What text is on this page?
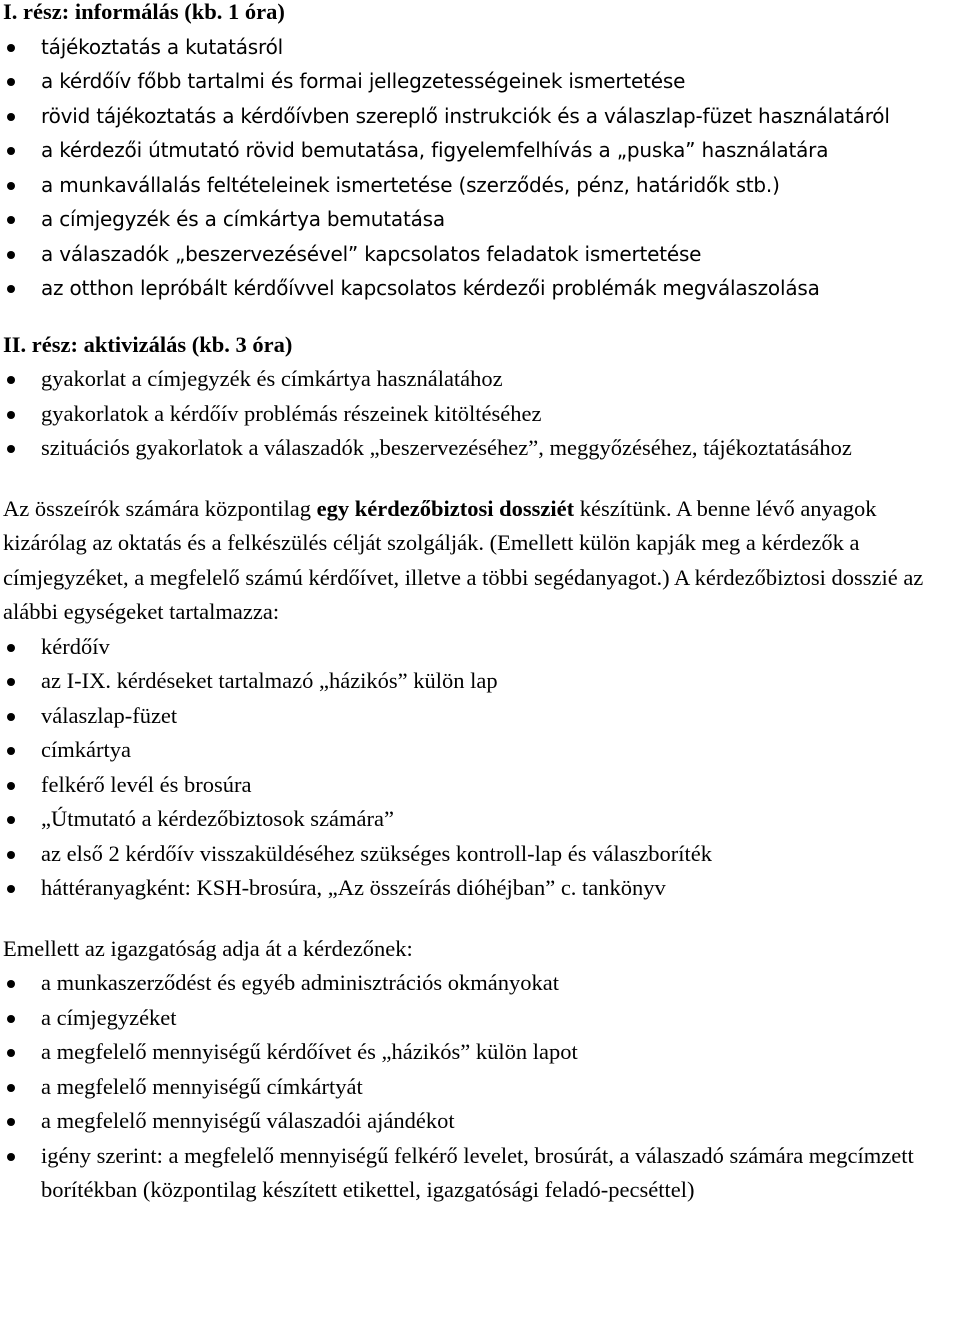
I. rész: informálás (kb. 1 óra)

tájékoztatás a kutatásról
a kérdőív főbb tartalmi és formai jellegzetességeinek ismertetése
rövid tájékoztatás a kérdőívben szereplő instrukciók és a válaszlap-füzet használatáról
a kérdezői útmutató rövid bemutatása, figyelemfelhívás a „puska” használatára
a munkavállalás feltételeinek ismertetése (szerződés, pénz, határidők stb.)
a címjegyzék és a címkártya bemutatása
a válaszadók „beszervezésével” kapcsolatos feladatok ismertetése
az otthon lepróbált kérdőívvel kapcsolatos kérdezői problémák megválaszolása

II. rész: aktivizálás (kb. 3 óra)

gyakorlat a címjegyzék és címkártya használatához
gyakorlatok a kérdőív problémás részeinek kitöltéséhez
szituációs gyakorlatok a válaszadók „beszervezéséhez”, meggyőzéséhez, tájékoztatásához

Az összeírók számára központilag egy kérdezőbiztosi dossziét készítünk. A benne lévő anyagok kizárólag az oktatás és a felkészülés célját szolgálják. (Emellett külön kapják meg a kérdezők a címjegyzéket, a megfelelő számú kérdőívet, illetve a többi segédanyagot.) A kérdezőbiztosi dosszié az alábbi egységeket tartalmazza:

kérdőív
az I-IX. kérdéseket tartalmazó „házikós” külön lap
válaszlap-füzet
címkártya
felkérő levél és brosúra
„Útmutató a kérdezőbiztosok számára”
az első 2 kérdőív visszaküldéséhez szükséges kontroll-lap és válaszboríték
háttéranyagként: KSH-brosúra, „Az összeírás dióhéjban” c. tankönyv

Emellett az igazgatóság adja át a kérdezőnek:

a munkaszerződést és egyéb adminisztrációs okmányokat
a címjegyzéket
a megfelelő mennyiségű kérdőívet és „házikós” külön lapot
a megfelelő mennyiségű címkártyát
a megfelelő mennyiségű válaszadói ajándékot
igény szerint: a megfelelő mennyiségű felkérő levelet, brosúrát, a válaszadó számára megcímzett borítékban (központilag készített etikettel, igazgatósági feladó-pecséttel)
